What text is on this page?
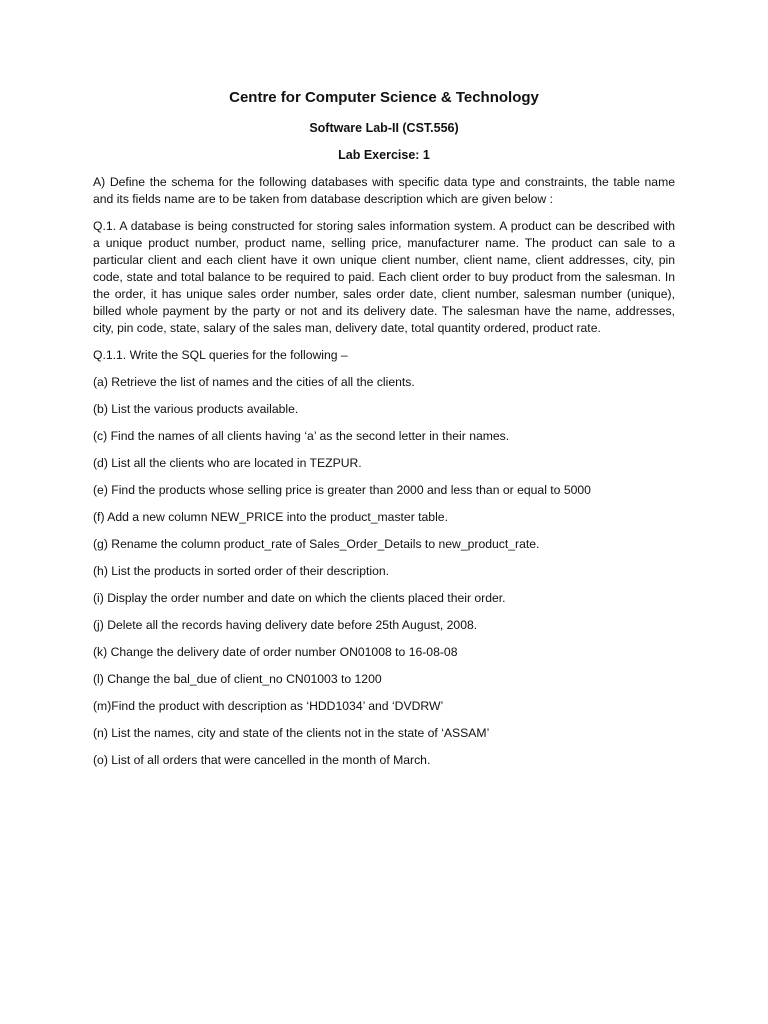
Centre for Computer Science & Technology
Software Lab-II (CST.556)
Lab Exercise: 1
A) Define the schema for the following databases with specific data type and constraints, the table name and its fields name are to be taken from database description which are given below :
Q.1. A database is being constructed for storing sales information system. A product can be described with a unique product number, product name, selling price, manufacturer name. The product can sale to a particular client and each client have it own unique client number, client name, client addresses, city, pin code, state and total balance to be required to paid. Each client order to buy product from the salesman. In the order, it has unique sales order number, sales order date, client number, salesman number (unique), billed whole payment by the party or not and its delivery date. The salesman have the name, addresses, city, pin code, state, salary of the sales man, delivery date, total quantity ordered, product rate.
Q.1.1. Write the SQL queries for the following –
(a) Retrieve the list of names and the cities of all the clients.
(b) List the various products available.
(c) Find the names of all clients having ‘a’ as the second letter in their names.
(d) List all the clients who are located in TEZPUR.
(e) Find the products whose selling price is greater than 2000 and less than or equal to 5000
(f) Add a new column NEW_PRICE into the product_master table.
(g) Rename the column product_rate of Sales_Order_Details to new_product_rate.
(h) List the products in sorted order of their description.
(i) Display the order number and date on which the clients placed their order.
(j) Delete all the records having delivery date before 25th August, 2008.
(k) Change the delivery date of order number ON01008 to 16-08-08
(l) Change the bal_due of client_no CN01003 to 1200
(m)Find the product with description as ‘HDD1034’ and ‘DVDRW’
(n) List the names, city and state of the clients not in the state of ‘ASSAM’
(o) List of all orders that were cancelled in the month of March.
